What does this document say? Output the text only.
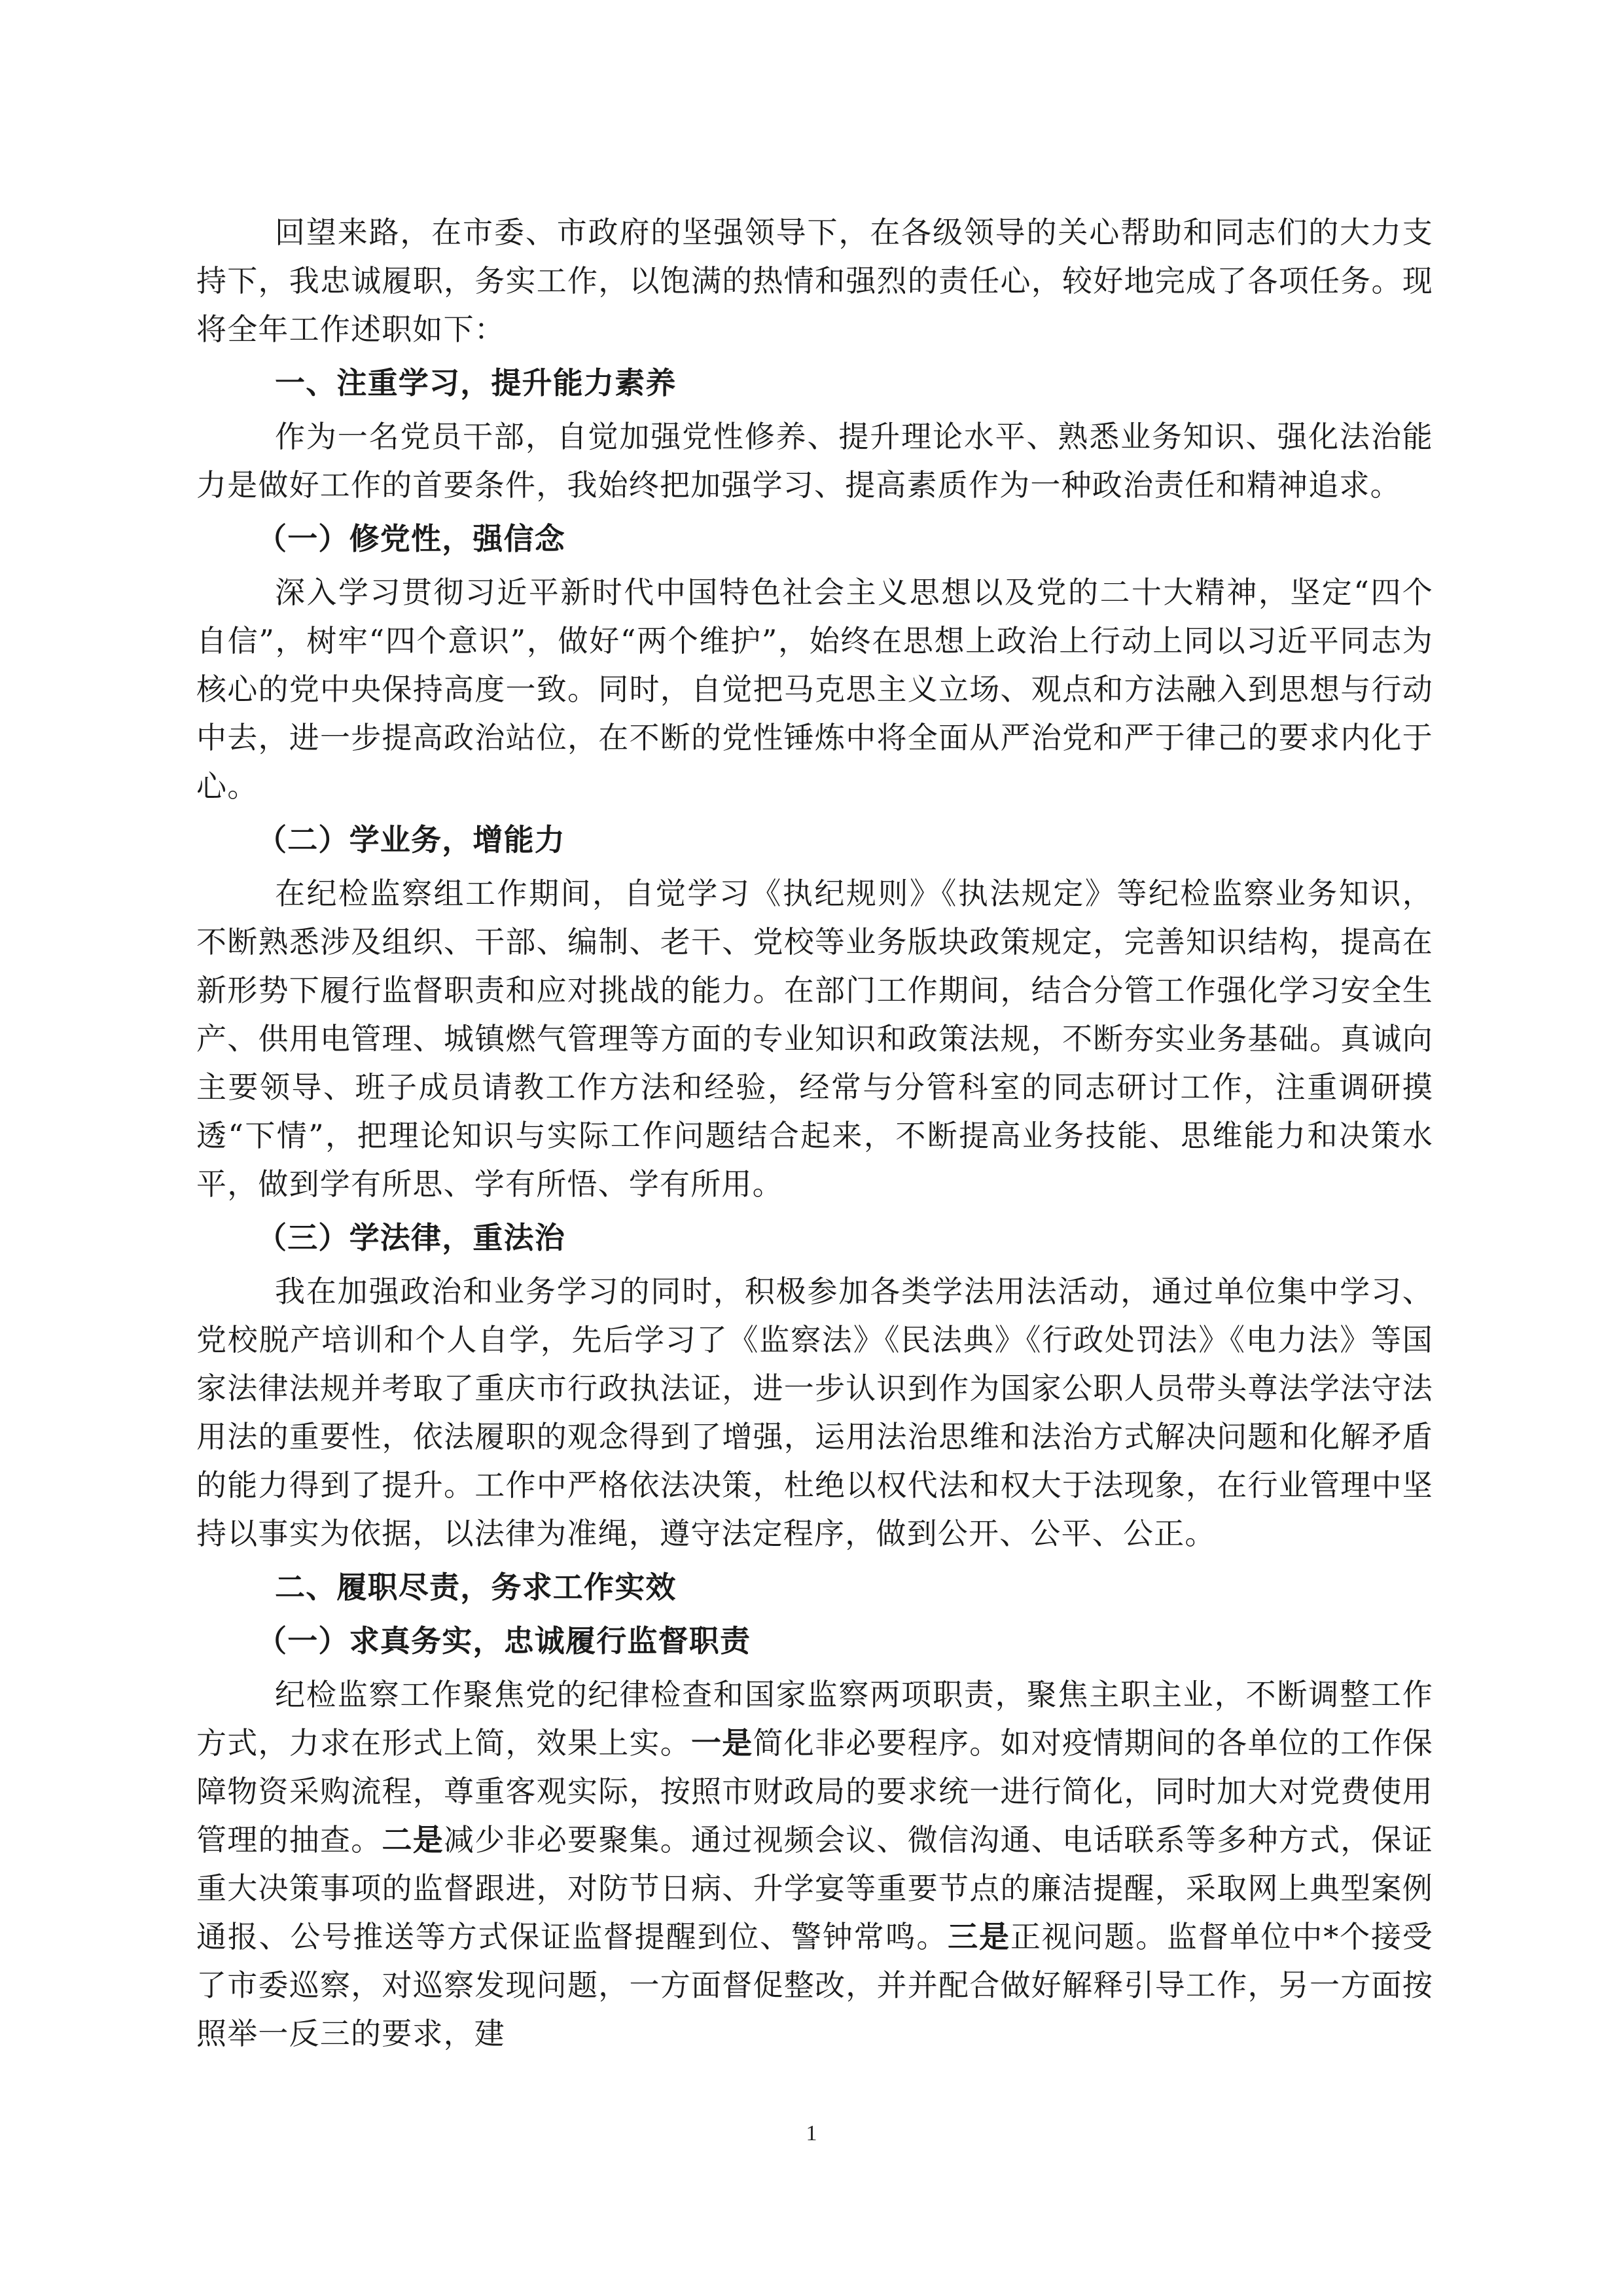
回望来路，在市委、市政府的坚强领导下，在各级领导的关心帮助和同志们的大力支持下，我忠诚履职，务实工作，以饱满的热情和强烈的责任心，较好地完成了各项任务。现将全年工作述职如下：

一、注重学习，提升能力素养

作为一名党员干部，自觉加强党性修养、提升理论水平、熟悉业务知识、强化法治能力是做好工作的首要条件，我始终把加强学习、提高素质作为一种政治责任和精神追求。

（一）修党性，强信念

深入学习贯彻习近平新时代中国特色社会主义思想以及党的二十大精神，坚定“四个自信”，树牢“四个意识”，做好“两个维护”，始终在思想上政治上行动上同以习近平同志为核心的党中央保持高度一致。同时，自觉把马克思主义立场、观点和方法融入到思想与行动中去，进一步提高政治站位，在不断的党性锤炼中将全面从严治党和严于律己的要求内化于心。

（二）学业务，增能力

在纪检监察组工作期间，自觉学习《执纪规则》《执法规定》等纪检监察业务知识，不断熟悉涉及组织、干部、编制、老干、党校等业务版块政策规定，完善知识结构，提高在新形势下履行监督职责和应对挑战的能力。在部门工作期间，结合分管工作强化学习安全生产、供用电管理、城镇燃气管理等方面的专业知识和政策法规，不断夯实业务基础。真诚向主要领导、班子成员请教工作方法和经验，经常与分管科室的同志研讨工作，注重调研摸透“下情”，把理论知识与实际工作问题结合起来，不断提高业务技能、思维能力和决策水平，做到学有所思、学有所悟、学有所用。

（三）学法律，重法治

我在加强政治和业务学习的同时，积极参加各类学法用法活动，通过单位集中学习、党校脱产培训和个人自学，先后学习了《监察法》《民法典》《行政处罚法》《电力法》等国家法律法规并考取了重庆市行政执法证，进一步认识到作为国家公职人员带头尊法学法守法用法的重要性，依法履职的观念得到了增强，运用法治思维和法治方式解决问题和化解矛盾的能力得到了提升。工作中严格依法决策，杜绝以权代法和权大于法现象，在行业管理中坚持以事实为依据，以法律为准绳，遵守法定程序，做到公开、公平、公正。

二、履职尽责，务求工作实效

（一）求真务实，忠诚履行监督职责

纪检监察工作聚焦党的纪律检查和国家监察两项职责，聚焦主职主业，不断调整工作方式，力求在形式上简，效果上实。一是简化非必要程序。如对疫情期间的各单位的工作保障物资采购流程，尊重客观实际，按照市财政局的要求统一进行简化，同时加大对党费使用管理的抽查。二是减少非必要聚集。通过视频会议、微信沟通、电话联系等多种方式，保证重大决策事项的监督跟进，对防节日病、升学宴等重要节点的廉洁提醒，采取网上典型案例通报、公号推送等方式保证监督提醒到位、警钟常鸣。三是正视问题。监督单位中*个接受了市委巡察，对巡察发现问题，一方面督促整改，并并配合做好解释引导工作，另一方面按照举一反三的要求，建

1
